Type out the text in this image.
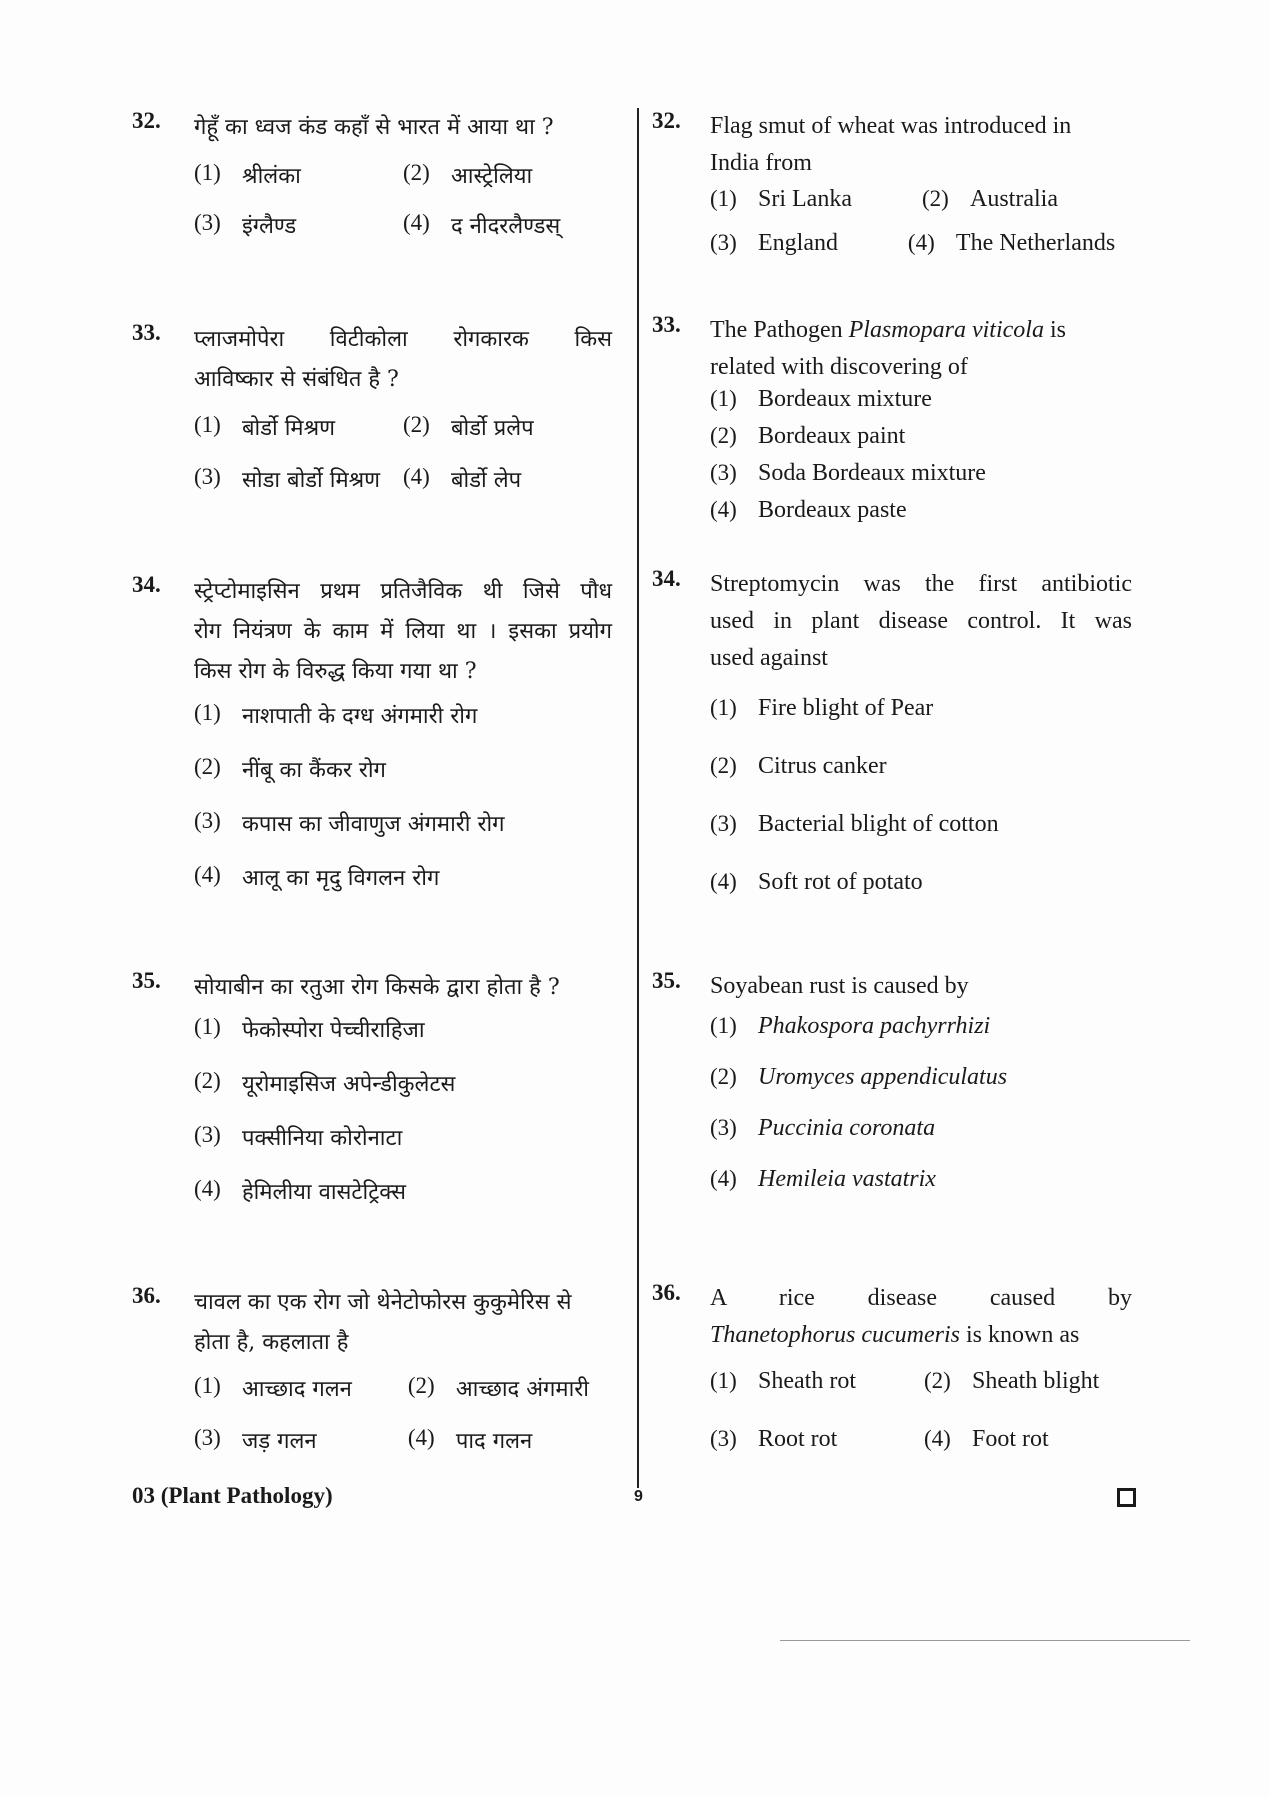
32. गेहूँ का ध्वज कंड कहाँ से भारत में आया था ?
(1) श्रीलंका	(2) आस्ट्रेलिया
(3) इंग्लैण्ड	(4) द नीदरलैण्डस्
33. प्लाजमोपेरा विटीकोला रोगकारक किस
आविष्कार से संबंधित है ?
(1) बोर्डो मिश्रण	(2) बोर्डो प्रलेप
(3) सोडा बोर्डो मिश्रण (4) बोर्डो लेप
34. स्ट्रेप्टोमाइसिन प्रथम प्रतिजैविक थी जिसे पौध
रोग नियंत्रण के काम में लिया था । इसका प्रयोग
किस रोग के विरुद्ध किया गया था ?
(1) नाशपाती के दग्ध अंगमारी रोग
(2) नींबू का कैंकर रोग
(3) कपास का जीवाणुज अंगमारी रोग
(4) आलू का मृदु विगलन रोग
35. सोयाबीन का रतुआ रोग किसके द्वारा होता है ?
(1) फेकोस्पोरा पेच्चीराहिजा
(2) यूरोमाइसिज अपेन्डीकुलेटस
(3) पक्सीनिया कोरोनाटा
(4) हेमिलीया वासटेट्रिक्स
36. चावल का एक रोग जो थेनेटोफोरस कुकुमेरिस से
होता है, कहलाता है
(1) आच्छाद गलन (2) आच्छाद अंगमारी
(3) जड़ गलन	(4) पाद गलन
32. Flag smut of wheat was introduced in
India from
(1) Sri Lanka	(2) Australia
(3) England	(4) The Netherlands
33. The Pathogen Plasmopara viticola is
related with discovering of
(1) Bordeaux mixture
(2) Bordeaux paint
(3) Soda Bordeaux mixture
(4) Bordeaux paste
34. Streptomycin was the first antibiotic
used in plant disease control. It was
used against
(1) Fire blight of Pear
(2) Citrus canker
(3) Bacterial blight of cotton
(4) Soft rot of potato
35. Soyabean rust is caused by
(1) Phakospora pachyrrhizi
(2) Uromyces appendiculatus
(3) Puccinia coronata
(4) Hemileia vastatrix
36. A rice disease caused by
Thanetophorus cucumeris is known as
(1) Sheath rot	(2) Sheath blight
(3) Root rot	(4) Foot rot
03 (Plant Pathology)	9
